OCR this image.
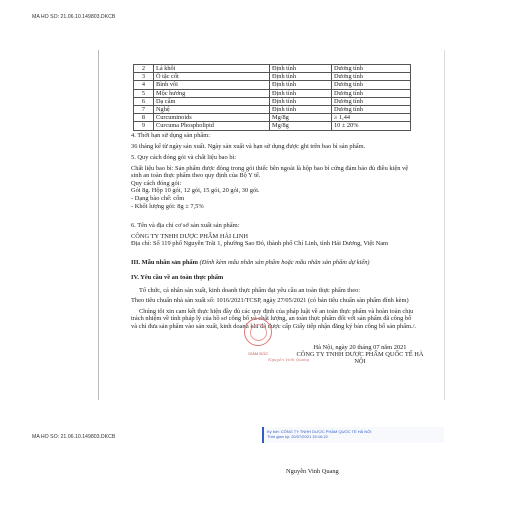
MA HO SO: 21.06.10.149803.DKCB
2	Lá khôi	Định tính	Dương tính
3	Ô tặc cốt	Định tính	Dương tính
4	Bình vôi	Định tính	Dương tính
5	Mộc hương	Định tính	Dương tính
6	Dạ cẩm	Định tính	Dương tính
7	Nghệ	Định tính	Dương tính
8	Curcuminoids	Mg/8g	≥ 1,44
9	Curcuma Phospholipid	Mg/8g	10 ± 20%
4. Thời hạn sử dụng sản phẩm:
36 tháng kể từ ngày sản xuất. Ngày sản xuất và hạn sử dụng được ghi trên bao bì sản phẩm.
5. Quy cách đóng gói và chất liệu bao bì:
Chất liệu bao bì: Sản phẩm được đóng trong gói thiếc bên ngoài là hộp bao bì cứng đảm bảo đủ điều kiện vệ sinh an toàn thực phẩm theo quy định của Bộ Y tế.
Quy cách đóng gói:
Gói 8g. Hộp 10 gói, 12 gói, 15 gói, 20 gói, 30 gói.
- Dạng bào chế: cốm
- Khối lượng gói: 8g ± 7,5%
6. Tên và địa chỉ cơ sở sản xuất sản phẩm:
CÔNG TY TNHH DƯỢC PHẨM HẢI LINH
Địa chỉ: Số 119 phố Nguyễn Trãi 1, phường Sao Đỏ, thành phố Chí Linh, tỉnh Hải Dương, Việt Nam
III. Mẫu nhãn sản phẩm (Đính kèm mẫu nhãn sản phẩm hoặc mẫu nhãn sản phẩm dự kiến)
IV. Yêu cầu về an toàn thực phẩm
Tổ chức, cá nhân sản xuất, kinh doanh thực phẩm đạt yêu cầu an toàn thực phẩm theo:
Theo tiêu chuẩn nhà sản xuất số: 1016/2021/TCSP, ngày 27/05/2021 (có bản tiêu chuẩn sản phẩm đính kèm)
Chúng tôi xin cam kết thực hiện đầy đủ các quy định của pháp luật về an toàn thực phẩm và hoàn toàn chịu trách nhiệm về tính pháp lý của hồ sơ công bố và chất lượng, an toàn thực phẩm đối với sản phẩm đã công bố và chỉ đưa sản phẩm vào sản xuất, kinh doanh khi đã được cấp Giấy tiếp nhận đăng ký bản công bố sản phẩm./.
Hà Nội, ngày 20 tháng 07 năm 2021
CÔNG TY TNHH DƯỢC PHẨM QUỐC TẾ HÀ NỘI
GIÁM ĐỐC
Nguyễn Vinh Quang
MA HO SO: 21.06.10.149803.DKCB
Ký bởi: CÔNG TY TNHH DƯỢC PHẨM QUỐC TẾ HÀ NỘI
Thời gian ký: 20/07/2021 15:16:22
Nguyễn Vinh Quang
